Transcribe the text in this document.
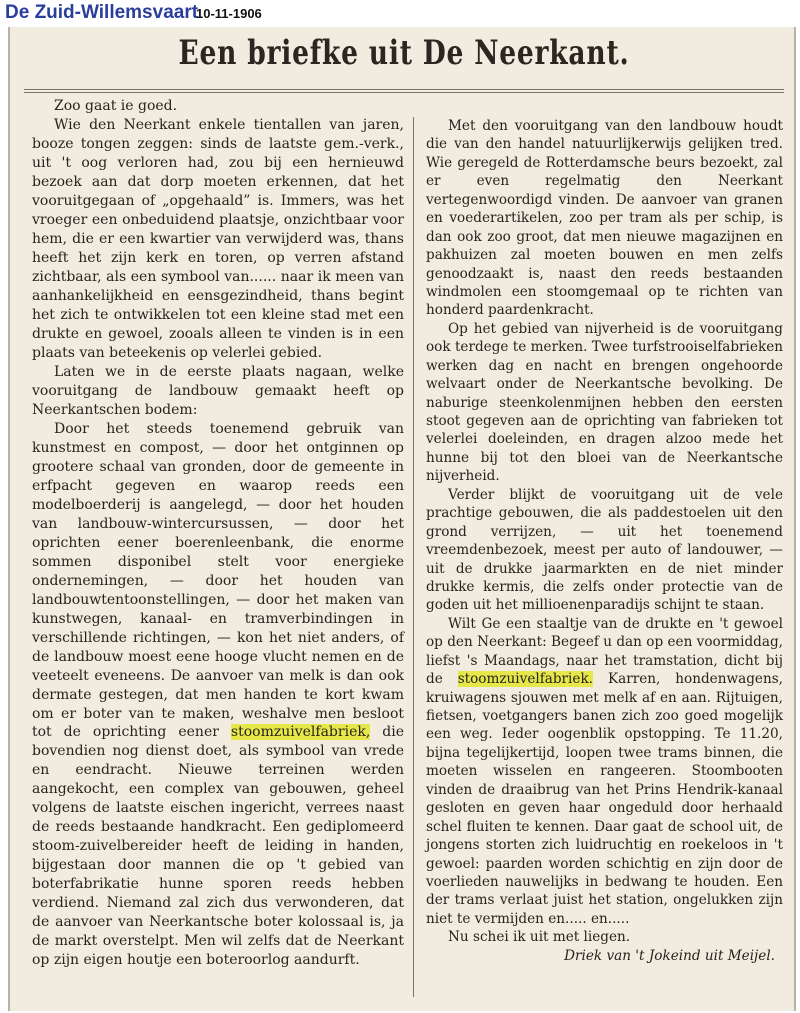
De Zuid-Willemsvaart
10-11-1906
Een briefke uit De Neerkant.

Zoo gaat ie goed.

Wie den Neerkant enkele tientallen van jaren, booze tongen zeggen: sinds de laatste gem.-verk., uit 't oog verloren had, zou bij een hernieuwd bezoek aan dat dorp moeten erkennen, dat het vooruitgegaan of „opgehaald” is. Immers, was het vroeger een onbeduidend plaatsje, onzichtbaar voor hem, die er een kwartier van verwijderd was, thans heeft het zijn kerk en toren, op verren afstand zichtbaar, als een symbool van...... naar ik meen van aanhankelijkheid en eensgezindheid, thans begint het zich te ontwikkelen tot een kleine stad met een drukte en gewoel, zooals alleen te vinden is in een plaats van beteekenis op velerlei gebied.

Laten we in de eerste plaats nagaan, welke vooruitgang de landbouw gemaakt heeft op Neerkantschen bodem:

Door het steeds toenemend gebruik van kunstmest en compost, — door het ontginnen op grootere schaal van gronden, door de gemeente in erfpacht gegeven en waarop reeds een modelboerderij is aangelegd, — door het houden van landbouw-wintercursussen, — door het oprichten eener boerenleenbank, die enorme sommen disponibel stelt voor energieke ondernemingen, — door het houden van landbouwtentoonstellingen, — door het maken van kunstwegen, kanaal- en tramverbindingen in verschillende richtingen, — kon het niet anders, of de landbouw moest eene hooge vlucht nemen en de veeteelt eveneens. De aanvoer van melk is dan ook dermate gestegen, dat men handen te kort kwam om er boter van te maken, weshalve men besloot tot de oprichting eener stoomzuivelfabriek, die bovendien nog dienst doet, als symbool van vrede en eendracht. Nieuwe terreinen werden aangekocht, een complex van gebouwen, geheel volgens de laatste eischen ingericht, verrees naast de reeds bestaande handkracht. Een gediplomeerd stoom-zuivelbereider heeft de leiding in handen, bijgestaan door mannen die op 't gebied van boterfabrikatie hunne sporen reeds hebben verdiend. Niemand zal zich dus verwonderen, dat de aanvoer van Neerkantsche boter kolossaal is, ja de markt overstelpt. Men wil zelfs dat de Neerkant op zijn eigen houtje een boteroorlog aandurft.

Met den vooruitgang van den landbouw houdt die van den handel natuurlijkerwijs gelijken tred. Wie geregeld de Rotterdamsche beurs bezoekt, zal er even regelmatig den Neerkant vertegenwoordigd vinden. De aanvoer van granen en voederartikelen, zoo per tram als per schip, is dan ook zoo groot, dat men nieuwe magazijnen en pakhuizen zal moeten bouwen en men zelfs genoodzaakt is, naast den reeds bestaanden windmolen een stoomgemaal op te richten van honderd paardenkracht.

Op het gebied van nijverheid is de vooruitgang ook terdege te merken. Twee turfstrooiselfabrieken werken dag en nacht en brengen ongehoorde welvaart onder de Neerkantsche bevolking. De naburige steenkolenmijnen hebben den eersten stoot gegeven aan de oprichting van fabrieken tot velerlei doeleinden, en dragen alzoo mede het hunne bij tot den bloei van de Neerkantsche nijverheid.

Verder blijkt de vooruitgang uit de vele prachtige gebouwen, die als paddestoelen uit den grond verrijzen, — uit het toenemend vreemdenbezoek, meest per auto of landouwer, — uit de drukke jaarmarkten en de niet minder drukke kermis, die zelfs onder protectie van de goden uit het millioenenparadijs schijnt te staan.

Wilt Ge een staaltje van de drukte en 't gewoel op den Neerkant: Begeef u dan op een voormiddag, liefst 's Maandags, naar het tramstation, dicht bij de stoomzuivelfabriek. Karren, hondenwagens, kruiwagens sjouwen met melk af en aan. Rijtuigen, fietsen, voetgangers banen zich zoo goed mogelijk een weg. Ieder oogenblik opstopping. Te 11.20, bijna tegelijkertijd, loopen twee trams binnen, die moeten wisselen en rangeeren. Stoombooten vinden de draaibrug van het Prins Hendrik-kanaal gesloten en geven haar ongeduld door herhaald schel fluiten te kennen. Daar gaat de school uit, de jongens storten zich luidruchtig en roekeloos in 't gewoel: paarden worden schichtig en zijn door de voerlieden nauwelijks in bedwang te houden. Een der trams verlaat juist het station, ongelukken zijn niet te vermijden en..... en.....

Nu schei ik uit met liegen.

Driek van 't Jokeind uit Meijel.
